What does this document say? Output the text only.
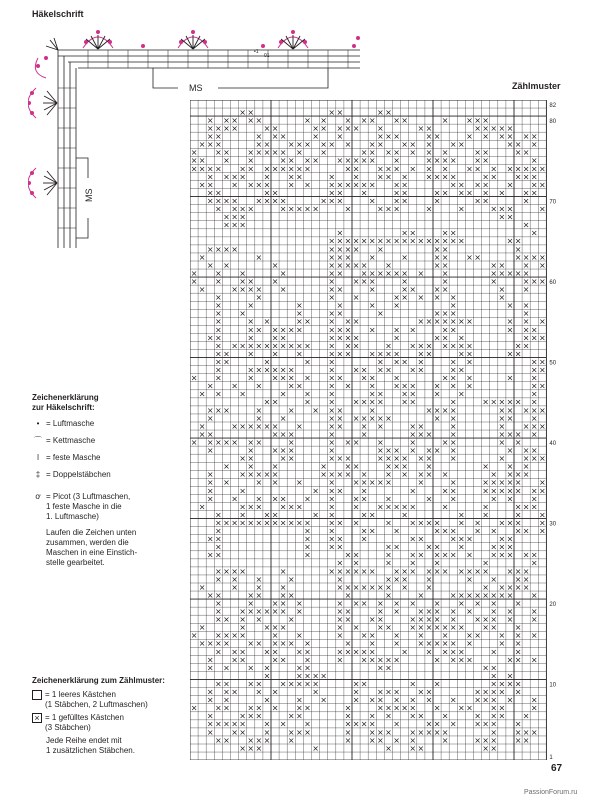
Häkelschrift
Zählmuster
MS
MS
•1
01
Zeichenerklärung
zur Häkelschrift:
• = Luftmasche
⌒ = Kettmasche
ǀ = feste Masche
‡ = Doppelstäbchen
ơ = Picot (3 Luftmaschen,
1 feste Masche in die
1. Luftmasche)
Laufen die Zeichen unten
zusammen, werden die
Maschen in eine Einstich-
stelle gearbeitet.
Zeichenerklärung zum Zählmuster:
= 1 leeres Kästchen
(1 Stäbchen, 2 Luftmaschen)
× = 1 gefülltes Kästchen
(3 Stäbchen)
Jede Reihe endet mit
1 zusätzlichen Stäbchen.
× ×	× ×	× ×
× × × × ×	× × × × × × ×	× × × ×
× × × ×	× ×	× × × × × ×	× ×	× × × × ×
× ×	× × ×	× ×	× × ×	× ×	× × × × × ×
× × ×	× × × × × × × × × × × × × × ×	× × ×
× × × × × × × × × ×	× × × × × × ×	× ×	× ×
× × × ×	× × × × × × × × × ×	× × × × × ×	×
× × × × × × × × × × × ×	× × × × × × × × × × × × × × × ×
× × × × × × ×	× × × × × × × × ×	× × × × ×
× × × × × × × × × × × × × × × ×	× × × × × × ×
× ×	× ×	× × ×	× ×	× × × × × × × ×
× × × × × × × ×	× × ×	× × ×	×	× ×	×
× × × ×	× × × × ×	×	× × ×	×	×	× × ×	×
× × ×	× ×
× × ×	×
×	× ×	× ×	×
× × × × × × × × × × × × × × × × ×	× ×
× × × ×	× × × × ×	× ×	×
×	×	× × × ×	×	× × × ×	× × × ×
× ×	×	× × × × × ×	× ×	× × × ×
× × ×	×	× × × × × × × × × ×	× × × × ×
× × × × ×	× × × ×	×	×	×	× × ×
×	× × × × ×	× ×	×	× × × ×	× ×
×	×	× ×	× × × × ×	×
×	×	×	×	× ×	×	× ×
× ×	×	× ×	×	× × ×	×
×	× ×	× × × × ×	× × × × × × ×	× × ×
×	× × × × × ×	× × × × × ×	× ×	× × ×
× ×	× × ×	× × × ×	×	× × ×	× × ×
× × × × × × × × × × × × × ×	× × × × × × × ×	× ×
× × × × ×	× × × × × × × × ×	× ×	× ×
× ×	×	× ×	× × × ×	× ×	× ×
×	× × × × × ×	× × × × × × ×	× ×	× ×
× ×	× × × × × × × × × ×	× × ×	× ×
× × ×	× ×	× × × × × × × × ×	× ×
× × ×	× × ×	× × × × × ×	×
× ×	× × × × × × × ×	×	× × × × × ×
× × ×	×	× × × ×	×	× × × ×	× × × × ×
×	× ×	× × × × × × ×	× ×	× × ×
×	× × × × × × ×	× × × ×	× ×	×	× × × ×
× ×	× × ×	×	×	× × × ×	× × × ×
× × × × × × ×	×	× × × ×	×	× ×	× ×
×	× × × ×	×	× × × × × × ×	× × ×
× ×	× ×	× × ×	× × × × × × ×	× × × ×
× × ×	× × ×	× × × ×	× × ×
×	× × × × ×	× × × × × × × × × ×	× × × ×
× ×	× × ×	× × × × × ×	×	×	× × × × × ×
×	×	× × × ×	×	× ×	× × × × × × ×
× × × × × × × × × ×	× ×	× × ×
×	× × × × × ×	× × × × × × ×	×	×	× × ×
× × × ×	× ×	× ×	×	× ×	× ×
× × × × × × × × × × × × × × ×	× × × × × × × × × × ×
×	× ×	× × ×	× × × × × × × ×
× ×	× × × ×	× ×	× × ×	× ×
×	× × ×	× ×	× × ×	× × ×
× ×	×	× ×	× × × × × × × × × × × ×
× ×	× × ×	×	×
× × × ×	×	× × × × × × × × × × × × × × × × × × ×
× × ×	×	×	× × × ×	× × × ×
×	× × ×	× × × × × × × × ×	× × × × ×
× ×	× × × ×	×	×	×	× × × × × × × × ×
×	× × × ×	× × × × × × × × × × ×
× × × × × × × ×	× ×	× × × × × × × × × ×
× × × ×	×	× × × ×	× × × × × × × × × ×
×	× × × ×	× × × × × × × × × × × × × ×
× × × × ×	× ×	× × × × × × × × × × ×
× × × × × × × × × ×	× × × × × × × × ×	× ×
× × × × × × ×	× × × × ×	× × × × ×	× ×
× × ×	× × ×	× × × × × ×	× × × ×	× × ×
× × × ×	× ×	× ×	× ×
×	× × × ×	× ×
× × × × × × × × ×	× ×	× ×	× × × ×
× × × × ×	×	× × × × × ×	× × × × ×
× ×	×	× ×	× × × × × × × × × × × ×
× × × × × × × ×	×	× × × × × × × × × ×	×
×	× × ×	× ×	× × × × × ×	× × × ×
× × × × × × × ×	× × × × ×	× × × × × × ×
× × × × × × ×	× × × × × × × × ×	× × × ×
× × × × × ×	× × × × ×	×	× × × × ×
× × ×	×	× × ×	× ×
82
80
70
60
50
40
30
20
10
1
67
PassionForum.ru
